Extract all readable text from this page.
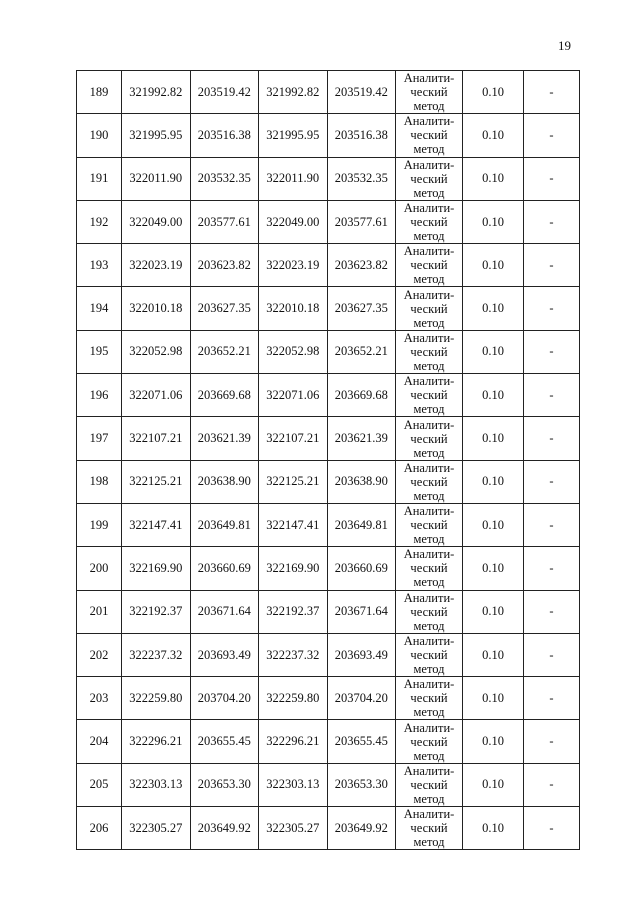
19
189	321992.82	203519.42	321992.82	203519.42	Аналити-
ческий
метод	0.10	-
190	321995.95	203516.38	321995.95	203516.38	Аналити-
ческий
метод	0.10	-
191	322011.90	203532.35	322011.90	203532.35	Аналити-
ческий
метод	0.10	-
192	322049.00	203577.61	322049.00	203577.61	Аналити-
ческий
метод	0.10	-
193	322023.19	203623.82	322023.19	203623.82	Аналити-
ческий
метод	0.10	-
194	322010.18	203627.35	322010.18	203627.35	Аналити-
ческий
метод	0.10	-
195	322052.98	203652.21	322052.98	203652.21	Аналити-
ческий
метод	0.10	-
196	322071.06	203669.68	322071.06	203669.68	Аналити-
ческий
метод	0.10	-
197	322107.21	203621.39	322107.21	203621.39	Аналити-
ческий
метод	0.10	-
198	322125.21	203638.90	322125.21	203638.90	Аналити-
ческий
метод	0.10	-
199	322147.41	203649.81	322147.41	203649.81	Аналити-
ческий
метод	0.10	-
200	322169.90	203660.69	322169.90	203660.69	Аналити-
ческий
метод	0.10	-
201	322192.37	203671.64	322192.37	203671.64	Аналити-
ческий
метод	0.10	-
202	322237.32	203693.49	322237.32	203693.49	Аналити-
ческий
метод	0.10	-
203	322259.80	203704.20	322259.80	203704.20	Аналити-
ческий
метод	0.10	-
204	322296.21	203655.45	322296.21	203655.45	Аналити-
ческий
метод	0.10	-
205	322303.13	203653.30	322303.13	203653.30	Аналити-
ческий
метод	0.10	-
206	322305.27	203649.92	322305.27	203649.92	Аналити-
ческий
метод	0.10	-
